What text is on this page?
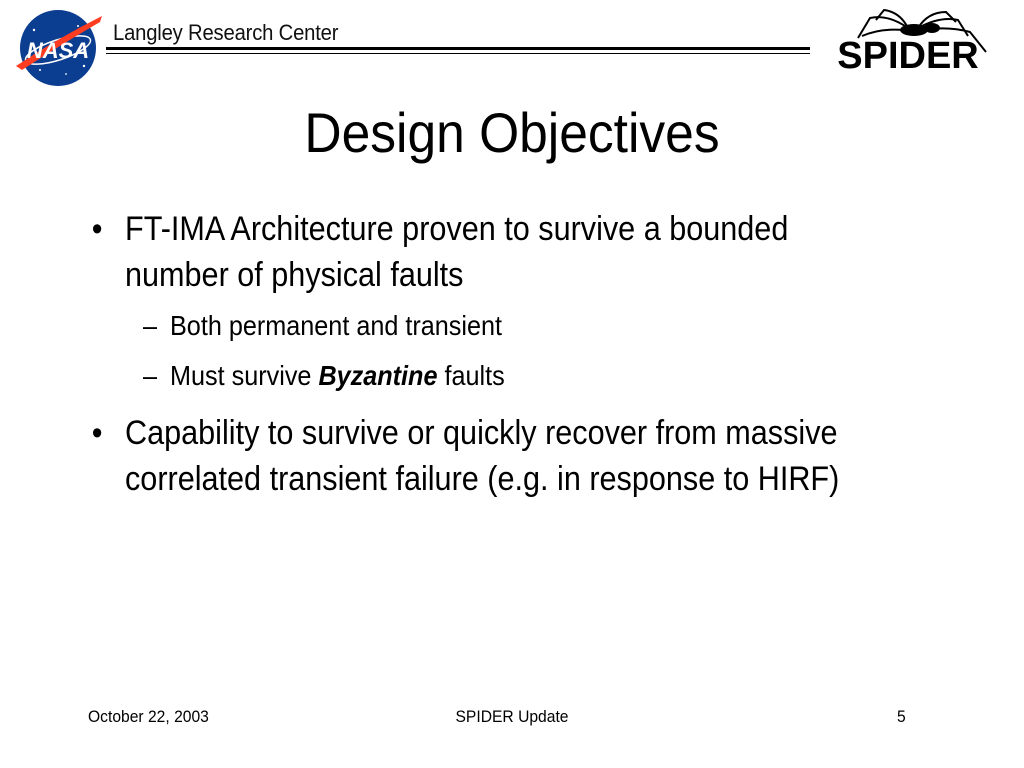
NASA
Langley Research Center
SPIDER
Design Objectives
• FT-IMA Architecture proven to survive a bounded number of physical faults
– Both permanent and transient
– Must survive Byzantine faults
• Capability to survive or quickly recover from massive correlated transient failure (e.g. in response to HIRF)
October 22, 2003	SPIDER Update	5
